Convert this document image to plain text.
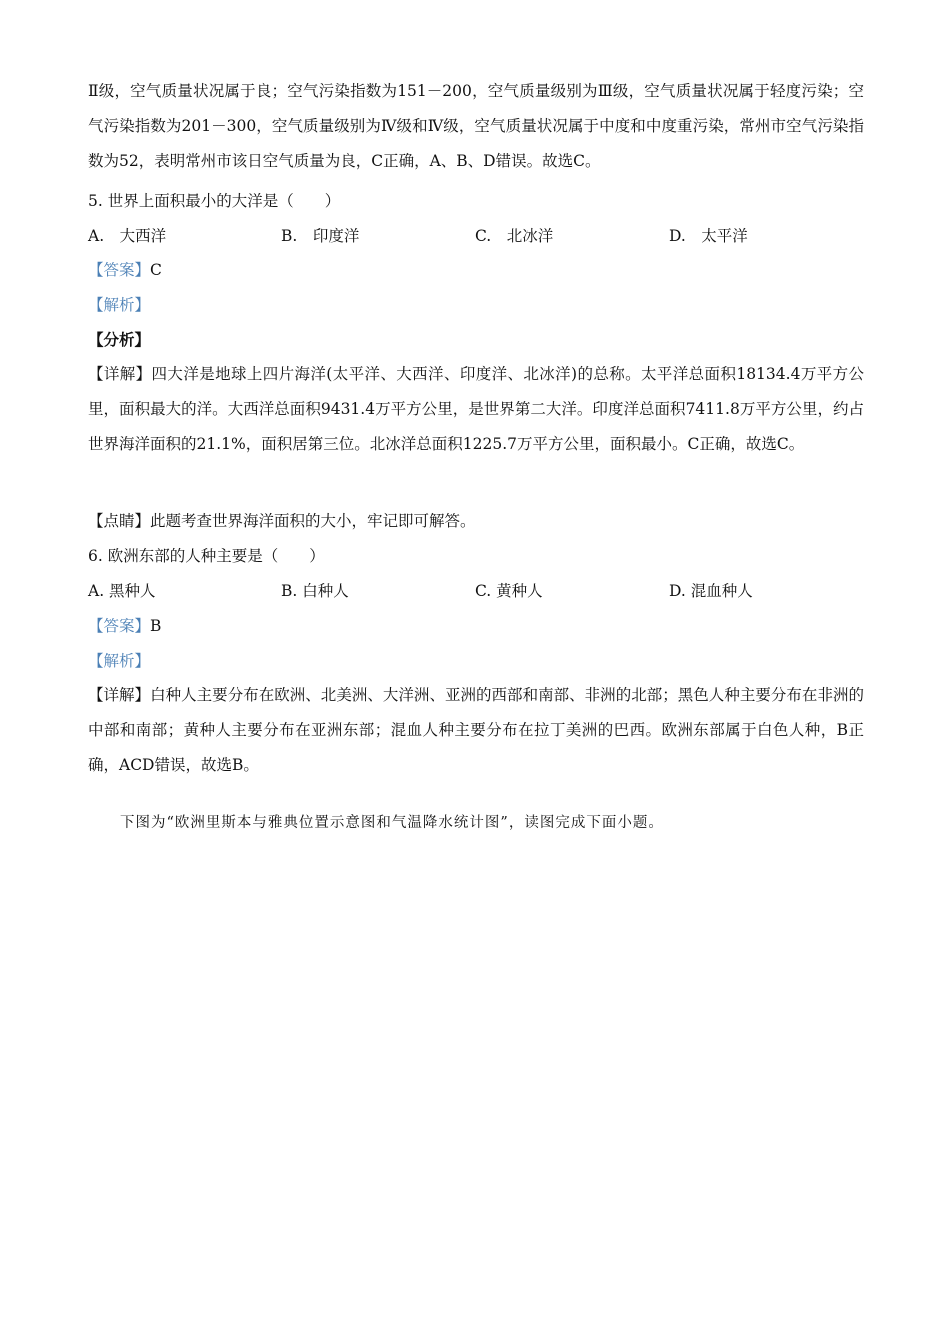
Ⅱ级，空气质量状况属于良；空气污染指数为151－200，空气质量级别为Ⅲ级，空气质量状况属于轻度污染；空气污染指数为201－300，空气质量级别为Ⅳ级和Ⅳ级，空气质量状况属于中度和中度重污染，常州市空气污染指数为52，表明常州市该日空气质量为良，C正确，A、B、D错误。故选C。

5. 世界上面积最小的大洋是（　　）

A.　大西洋	B.　印度洋	C.　北冰洋	D.　太平洋

【答案】C

【解析】

【分析】

【详解】四大洋是地球上四片海洋(太平洋、大西洋、印度洋、北冰洋)的总称。太平洋总面积18134.4万平方公里，面积最大的洋。大西洋总面积9431.4万平方公里，是世界第二大洋。印度洋总面积7411.8万平方公里，约占世界海洋面积的21.1%，面积居第三位。北冰洋总面积1225.7万平方公里，面积最小。C正确，故选C。

【点睛】此题考查世界海洋面积的大小，牢记即可解答。

6. 欧洲东部的人种主要是（　　）

A. 黑种人	B. 白种人	C. 黄种人	D. 混血种人

【答案】B

【解析】

【详解】白种人主要分布在欧洲、北美洲、大洋洲、亚洲的西部和南部、非洲的北部；黑色人种主要分布在非洲的中部和南部；黄种人主要分布在亚洲东部；混血人种主要分布在拉丁美洲的巴西。欧洲东部属于白色人种，B正确，ACD错误，故选B。

下图为“欧洲里斯本与雅典位置示意图和气温降水统计图”，读图完成下面小题。
